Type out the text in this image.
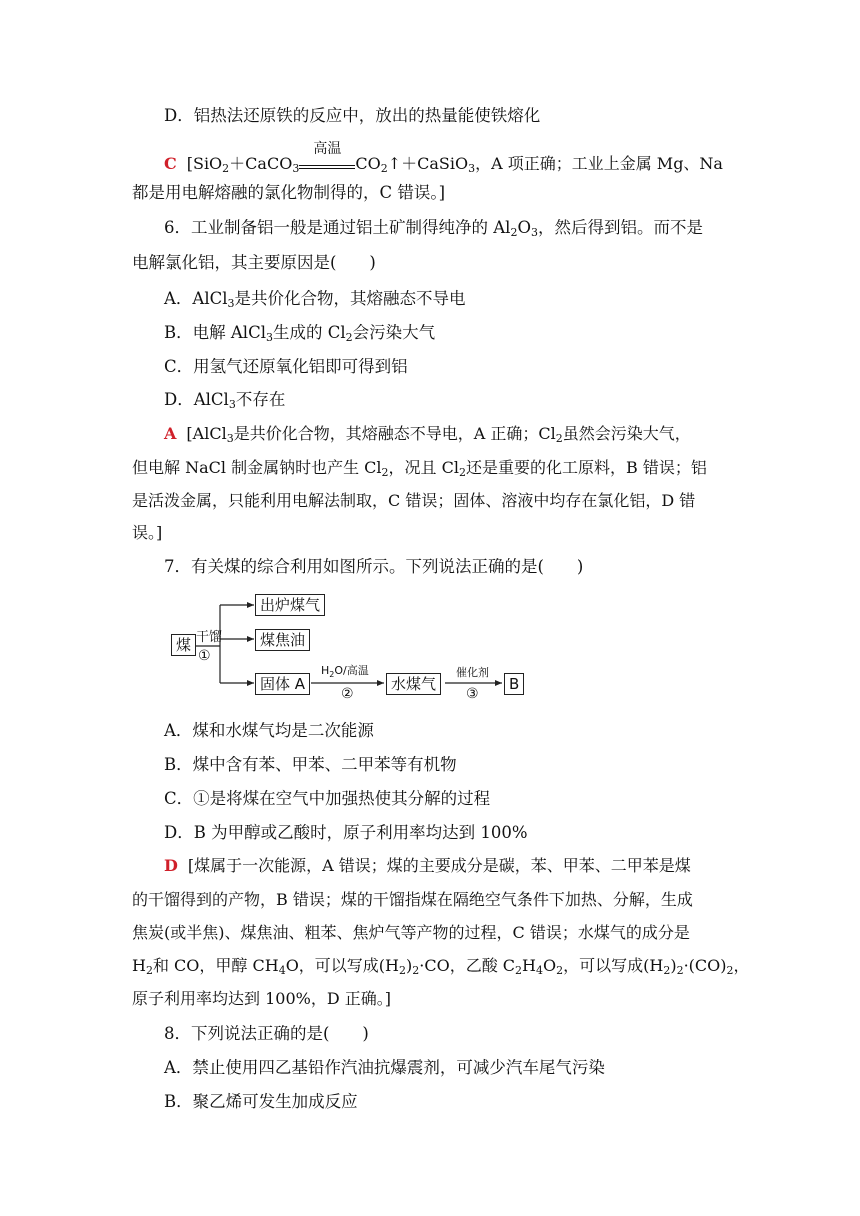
D．铝热法还原铁的反应中，放出的热量能使铁熔化
C [SiO$_2$＋CaCO$_3$
高温
$CO_2↑+CaSiO_3$，A 项正确；工业上金属 Mg、Na
都是用电解熔融的氯化物制得的，C 错误。]
6．工业制备铝一般是通过铝土矿制得纯净的 $Al_2O_3$，然后得到铝。而不是
电解氯化铝，其主要原因是(　　)
A．AlCl$_3$是共价化合物，其熔融态不导电
B．电解 AlCl$_3$生成的 $Cl_2$会污染大气
C．用氢气还原氧化铝即可得到铝
D．AlCl$_3$不存在
A [AlCl$_3$是共价化合物，其熔融态不导电，A 正确；$Cl_2$虽然会污染大气，
但电解 NaCl 制金属钠时也产生 $Cl_2$，况且 $Cl_2$还是重要的化工原料，B 错误；铝
是活泼金属，只能利用电解法制取，C 错误；固体、溶液中均存在氯化铝，D 错
误。]
7．有关煤的综合利用如图所示。下列说法正确的是(　　)
煤 干馏
①
出炉煤气
煤焦油
固体 A
$H_2O/$高温
②
水煤气
催化剂
③
B
A．煤和水煤气均是二次能源
B．煤中含有苯、甲苯、二甲苯等有机物
C．①是将煤在空气中加强热使其分解的过程
D．B 为甲醇或乙酸时，原子利用率均达到 100%
D [煤属于一次能源，A 错误；煤的主要成分是碳，苯、甲苯、二甲苯是煤
的干馏得到的产物，B 错误；煤的干馏指煤在隔绝空气条件下加热、分解，生成
焦炭(或半焦)、煤焦油、粗苯、焦炉气等产物的过程，C 错误；水煤气的成分是
$H_2$和 CO，甲醇 $CH_4O$，可以写成$(H_2)_2\cdot CO$，乙酸 $C_2H_4O_2$，可以写成$(H_2)_2\cdot(CO)_2$，
原子利用率均达到 100%，D 正确。]
8．下列说法正确的是(　　)
A．禁止使用四乙基铅作汽油抗爆震剂，可减少汽车尾气污染
B．聚乙烯可发生加成反应
